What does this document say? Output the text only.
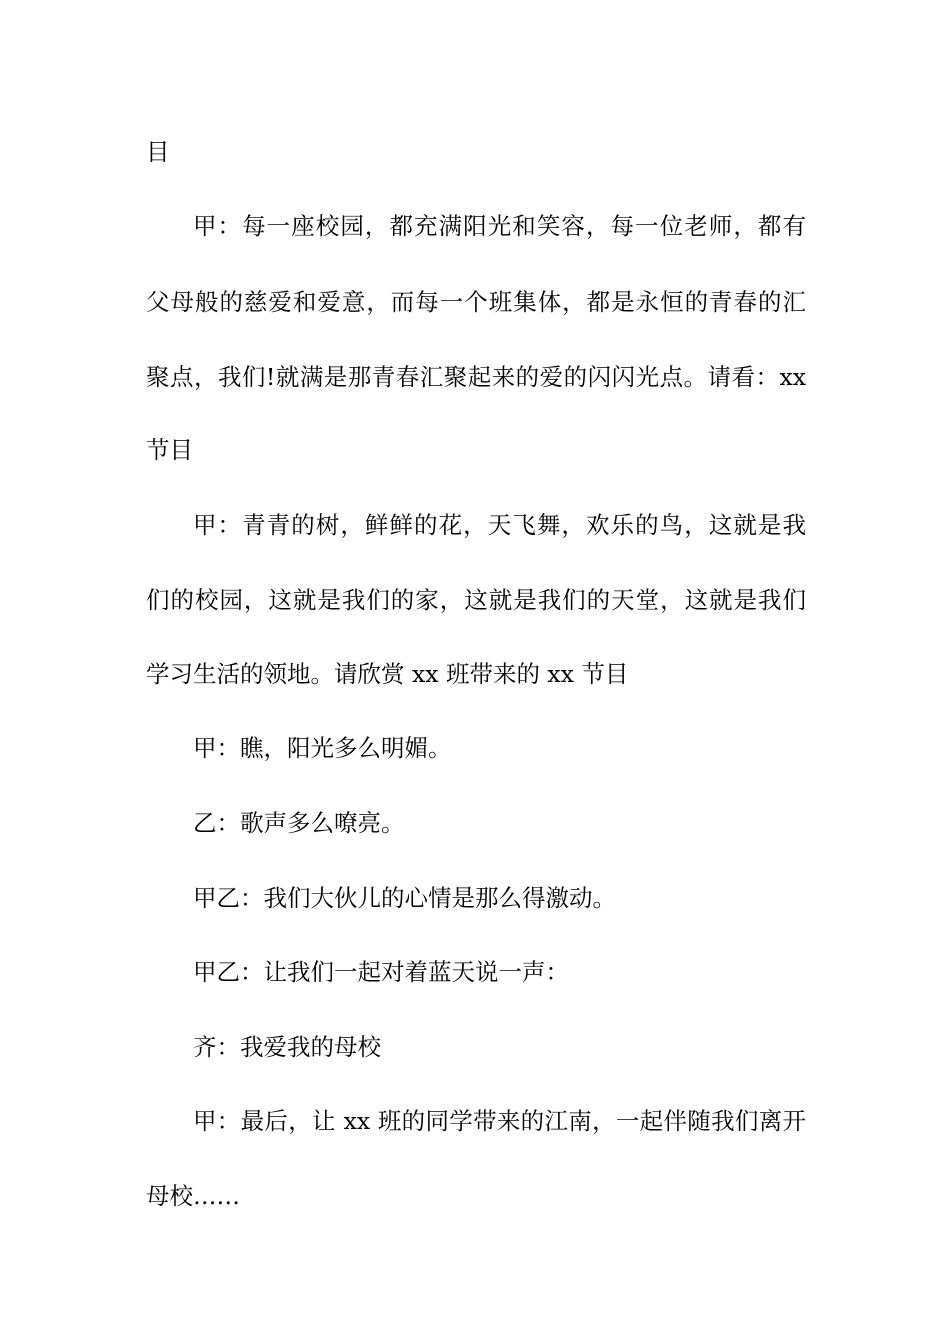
目

甲：每一座校园，都充满阳光和笑容，每一位老师，都有

父母般的慈爱和爱意，而每一个班集体，都是永恒的青春的汇

聚点，我们!就满是那青春汇聚起来的爱的闪闪光点。请看：xx

节目

甲：青青的树，鲜鲜的花，天飞舞，欢乐的鸟，这就是我

们的校园，这就是我们的家，这就是我们的天堂，这就是我们

学习生活的领地。请欣赏 xx 班带来的 xx 节目

甲：瞧，阳光多么明媚。

乙：歌声多么嘹亮。

甲乙：我们大伙儿的心情是那么得激动。

甲乙：让我们一起对着蓝天说一声：

齐：我爱我的母校

甲：最后，让 xx 班的同学带来的江南，一起伴随我们离开

母校……
